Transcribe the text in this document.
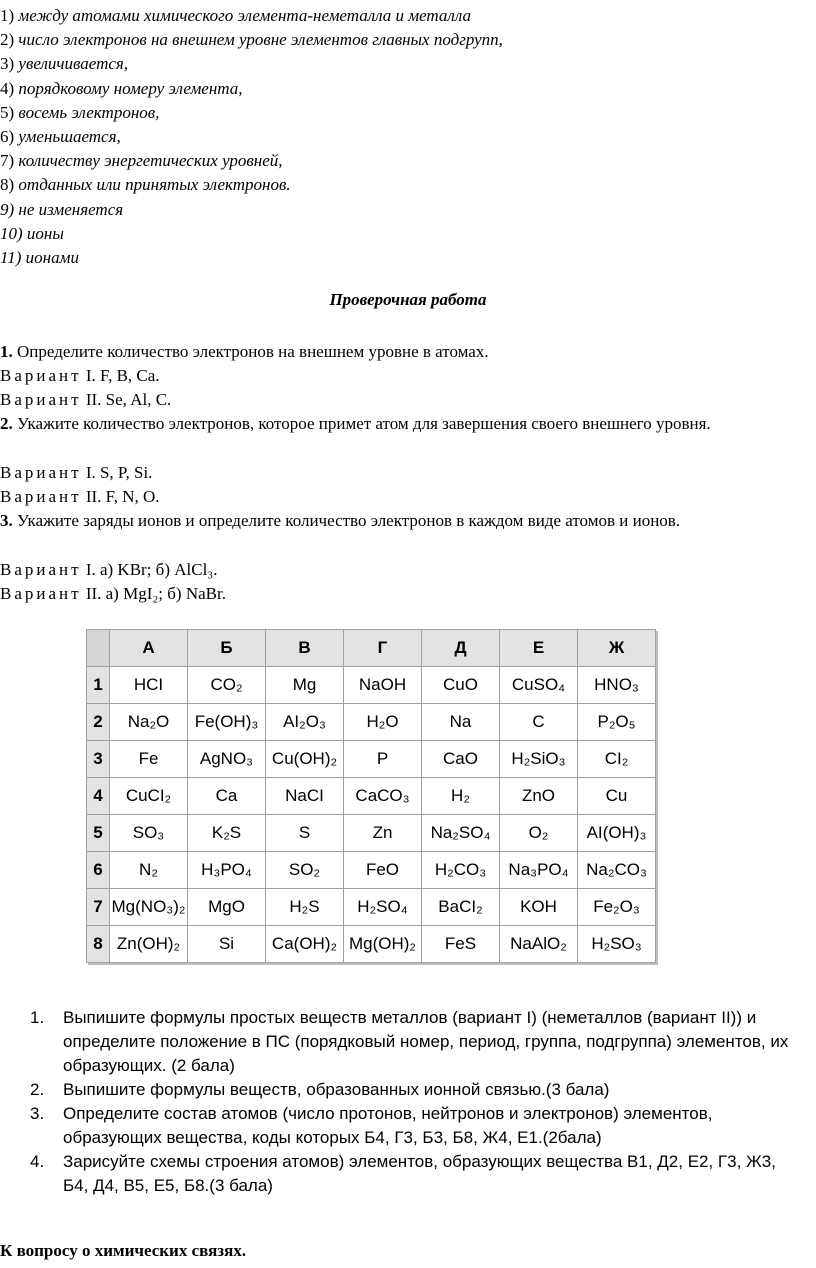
1) между атомами химического элемента-неметалла и металла
2) число электронов на внешнем уровне элементов главных подгрупп,
3) увеличивается,
4) порядковому номеру элемента,
5) восемь электронов,
6) уменьшается,
7) количеству энергетических уровней,
8) отданных или принятых электронов.
9) не изменяется
10) ионы
11) ионами
Проверочная работа
1. Определите количество электронов на внешнем уровне в атомах.
Вариант I. F, B, Ca.
Вариант II. Se, Al, C.
2. Укажите количество электронов, которое примет атом для завершения своего внешнего уровня.
Вариант I. S, P, Si.
Вариант II. F, N, O.
3. Укажите заряды ионов и определите количество электронов в каждом виде атомов и ионов.
Вариант I. а) KBr; б) AlCl₃.
Вариант II. а) MgI₂; б) NaBr.
	А	Б	В	Г	Д	Е	Ж
1	HCI	CO₂	Mg	NaOH	CuO	CuSO₄	HNO₃
2	Na₂O	Fe(OH)₃	AI₂O₃	H₂O	Na	C	P₂O₅
3	Fe	AgNO₃	Cu(OH)₂	P	CaO	H₂SiO₃	CI₂
4	CuCI₂	Ca	NaCI	CaCO₃	H₂	ZnO	Cu
5	SO₃	K₂S	S	Zn	Na₂SO₄	O₂	AI(OH)₃
6	N₂	H₃PO₄	SO₂	FeO	H₂CO₃	Na₃PO₄	Na₂CO₃
7	Mg(NO₃)₂	MgO	H₂S	H₂SO₄	BaCI₂	KOH	Fe₂O₃
8	Zn(OH)₂	Si	Ca(OH)₂	Mg(OH)₂	FeS	NaAlO₂	H₂SO₃
1.	Выпишите формулы простых веществ металлов (вариант I) (неметаллов (вариант II)) и определите положение в ПС (порядковый номер, период, группа, подгруппа) элементов, их образующих. (2 бала)
2.	Выпишите формулы веществ, образованных ионной связью.(3 бала)
3.	Определите состав атомов (число протонов, нейтронов и электронов) элементов, образующих вещества, коды которых Б4, Г3, Б3, Б8, Ж4, Е1.(2бала)
4.	Зарисуйте схемы строения атомов) элементов, образующих вещества В1, Д2, Е2, Г3, Ж3, Б4, Д4, В5, Е5, Б8.(3 бала)
К вопросу о химических связях.
